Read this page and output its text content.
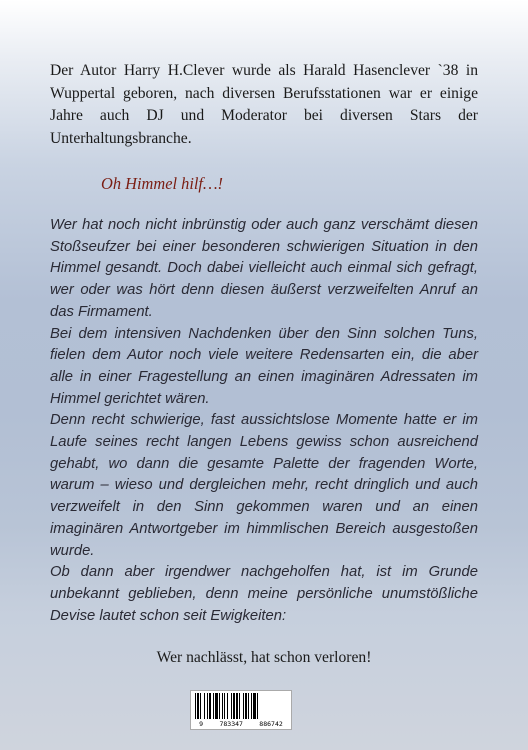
Der Autor Harry H.Clever wurde als Harald Hasenclever `38 in Wuppertal geboren, nach diversen Berufsstationen war er einige Jahre auch DJ und Moderator bei diversen Stars der Unterhaltungsbranche.

Oh Himmel hilf…!

Wer hat noch nicht inbrünstig oder auch ganz verschämt diesen Stoßseufzer bei einer besonderen schwierigen Situation in den Himmel gesandt. Doch dabei vielleicht auch einmal sich gefragt, wer oder was hört denn diesen äußerst verzweifelten Anruf an das Firmament.

Bei dem intensiven Nachdenken über den Sinn solchen Tuns, fielen dem Autor noch viele weitere Redensarten ein, die aber alle in einer Fragestellung an einen imaginären Adressaten im Himmel gerichtet wären.

Denn recht schwierige, fast aussichtslose Momente hatte er im Laufe seines recht langen Lebens gewiss schon ausreichend gehabt, wo dann die gesamte Palette der fragenden Worte, warum – wieso und dergleichen mehr, recht dringlich und auch verzweifelt in den Sinn gekommen waren und an einen imaginären Antwortgeber im himmlischen Bereich ausgestoßen wurde.

Ob dann aber irgendwer nachgeholfen hat, ist im Grunde unbekannt geblieben, denn meine persönliche unumstößliche Devise lautet schon seit Ewigkeiten:

Wer nachlässt, hat schon verloren!

9	783347	886742
